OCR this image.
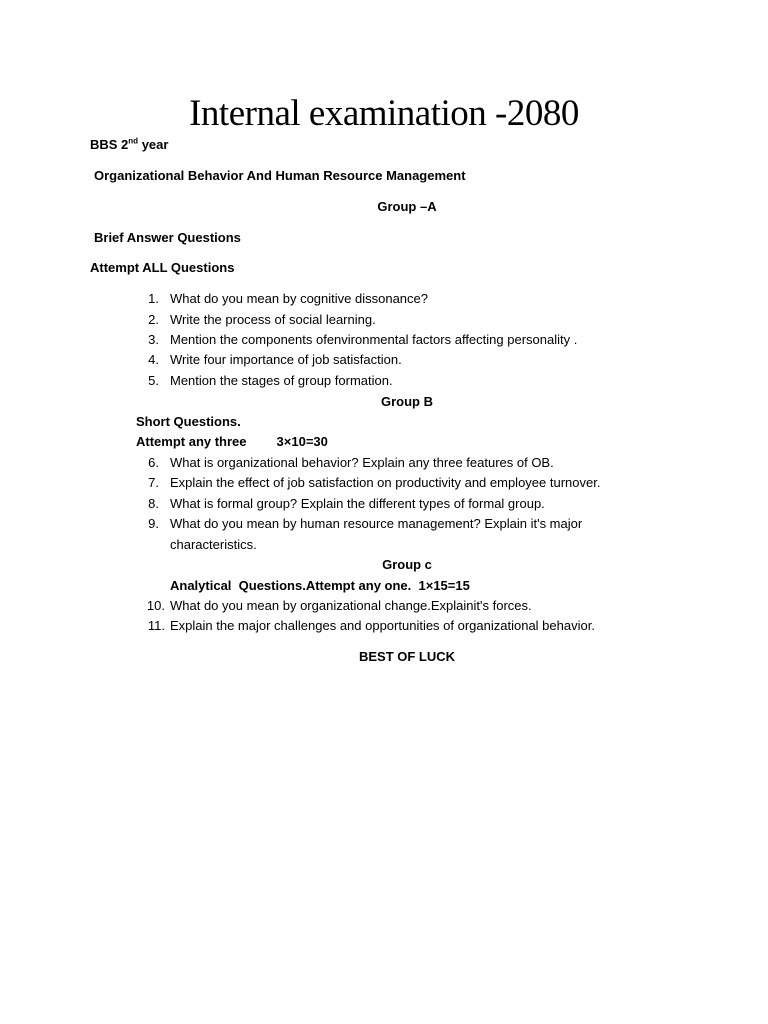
Internal examination -2080
BBS 2nd year
Organizational Behavior And Human Resource Management
Group –A
Brief Answer Questions
Attempt ALL Questions
1. What do you mean by cognitive dissonance?
2. Write the process of social learning.
3. Mention the components ofenvironmental factors affecting personality .
4. Write four importance of job satisfaction.
5. Mention the stages of group formation.
Group B
Short Questions.
Attempt any three 3×10=30
6. What is organizational behavior? Explain any three features of OB.
7. Explain the effect of job satisfaction on productivity and employee turnover.
8. What is formal group? Explain the different types of formal group.
9. What do you mean by human resource management? Explain it's major
characteristics.
Group c
Analytical  Questions.Attempt any one.  1×15=15
10. What do you mean by organizational change.Explainit's forces.
11. Explain the major challenges and opportunities of organizational behavior.
BEST OF LUCK
